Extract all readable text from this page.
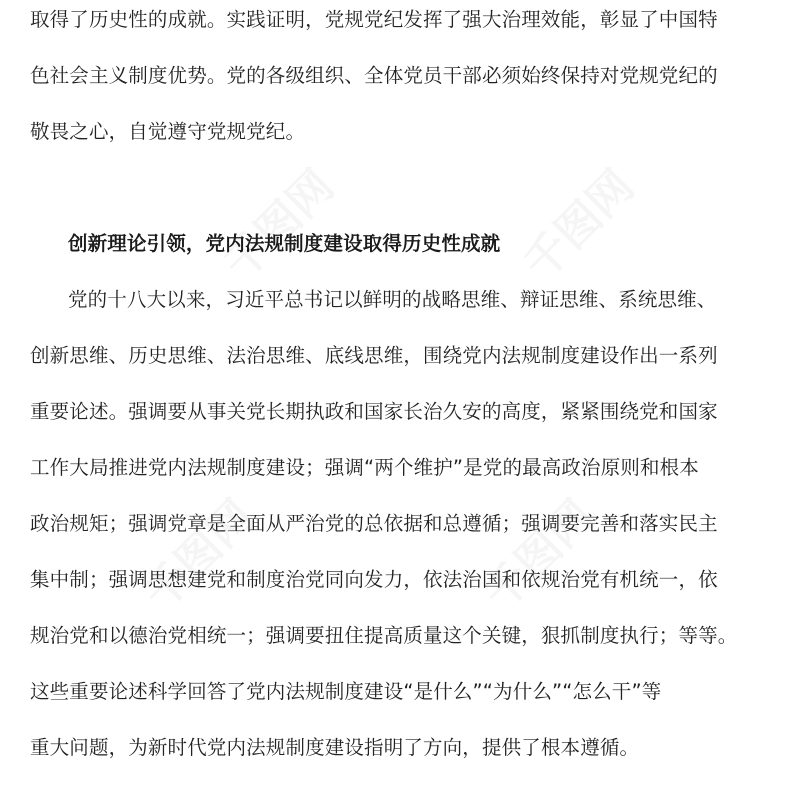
千图网	千图网
千图网	千图网
取得了历史性的成就。实践证明，党规党纪发挥了强大治理效能，彰显了中国特
色社会主义制度优势。党的各级组织、全体党员干部必须始终保持对党规党纪的
敬畏之心，自觉遵守党规党纪。
创新理论引领，党内法规制度建设取得历史性成就
党的十八大以来，习近平总书记以鲜明的战略思维、辩证思维、系统思维、
创新思维、历史思维、法治思维、底线思维，围绕党内法规制度建设作出一系列
重要论述。强调要从事关党长期执政和国家长治久安的高度，紧紧围绕党和国家
工作大局推进党内法规制度建设；强调“两个维护”是党的最高政治原则和根本
政治规矩；强调党章是全面从严治党的总依据和总遵循；强调要完善和落实民主
集中制；强调思想建党和制度治党同向发力，依法治国和依规治党有机统一，依
规治党和以德治党相统一；强调要扭住提高质量这个关键，狠抓制度执行；等等。
这些重要论述科学回答了党内法规制度建设“是什么”“为什么”“怎么干”等
重大问题，为新时代党内法规制度建设指明了方向，提供了根本遵循。
